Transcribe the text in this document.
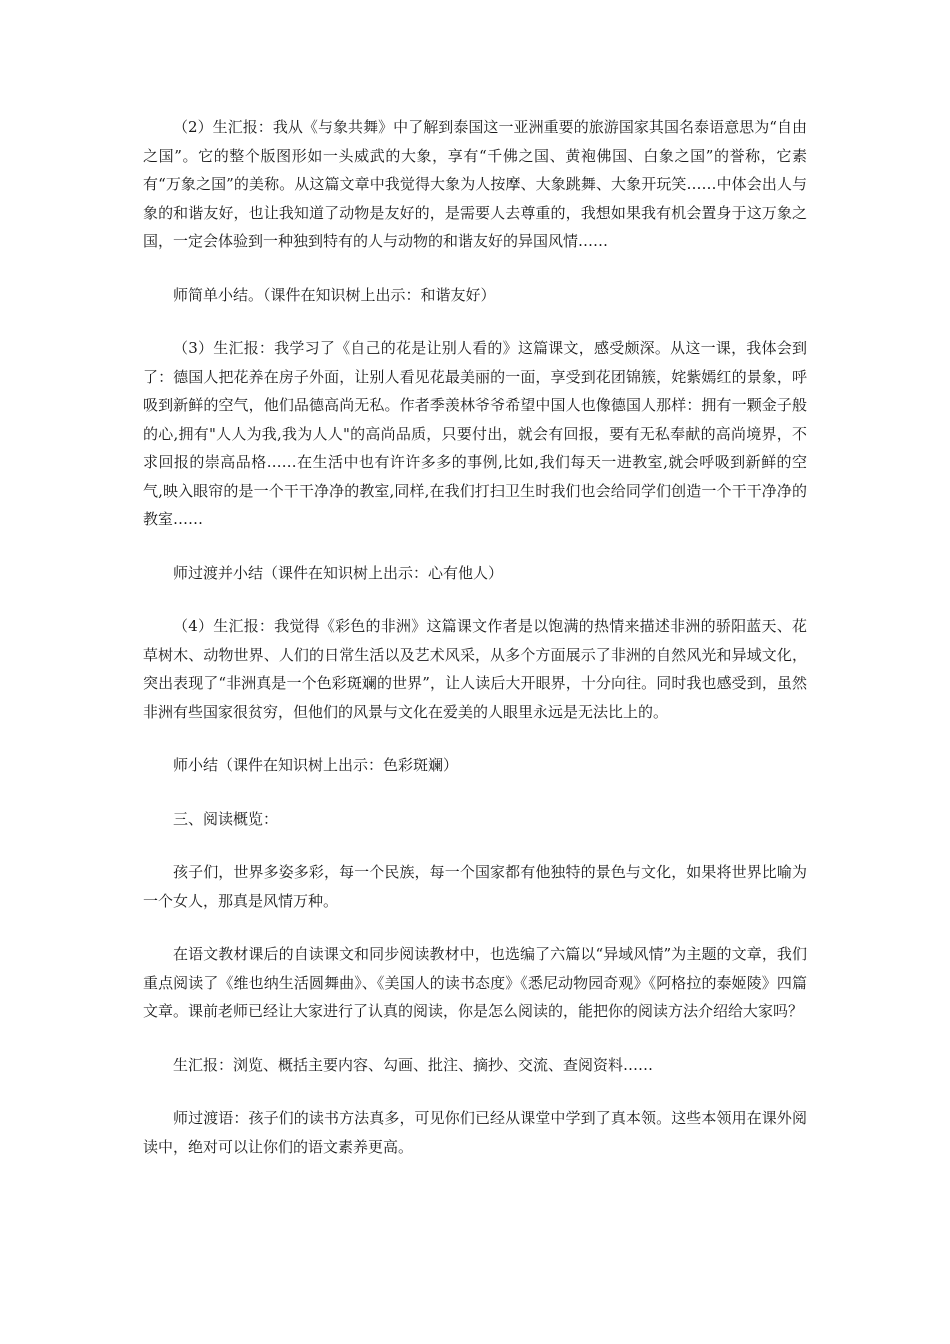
（2）生汇报：我从《与象共舞》中了解到泰国这一亚洲重要的旅游国家其国名泰语意思为“自由之国”。它的整个版图形如一头威武的大象，享有“千佛之国、黄袍佛国、白象之国”的誉称，它素有“万象之国”的美称。从这篇文章中我觉得大象为人按摩、大象跳舞、大象开玩笑……中体会出人与象的和谐友好，也让我知道了动物是友好的，是需要人去尊重的，我想如果我有机会置身于这万象之国，一定会体验到一种独到特有的人与动物的和谐友好的异国风情……

师简单小结。（课件在知识树上出示：和谐友好）

（3）生汇报：我学习了《自己的花是让别人看的》这篇课文，感受颇深。从这一课，我体会到了：德国人把花养在房子外面，让别人看见花最美丽的一面，享受到花团锦簇，姹紫嫣红的景象，呼吸到新鲜的空气，他们品德高尚无私。作者季羡林爷爷希望中国人也像德国人那样：拥有一颗金子般的心,拥有"人人为我,我为人人"的高尚品质，只要付出，就会有回报，要有无私奉献的高尚境界，不求回报的崇高品格……在生活中也有许许多多的事例,比如,我们每天一进教室,就会呼吸到新鲜的空气,映入眼帘的是一个干干净净的教室,同样,在我们打扫卫生时我们也会给同学们创造一个干干净净的教室……

师过渡并小结（课件在知识树上出示：心有他人）

（4）生汇报：我觉得《彩色的非洲》这篇课文作者是以饱满的热情来描述非洲的骄阳蓝天、花草树木、动物世界、人们的日常生活以及艺术风采，从多个方面展示了非洲的自然风光和异域文化，突出表现了“非洲真是一个色彩斑斓的世界”，让人读后大开眼界，十分向往。同时我也感受到，虽然非洲有些国家很贫穷，但他们的风景与文化在爱美的人眼里永远是无法比上的。

师小结（课件在知识树上出示：色彩斑斓）

三、阅读概览：

孩子们，世界多姿多彩，每一个民族，每一个国家都有他独特的景色与文化，如果将世界比喻为一个女人，那真是风情万种。

在语文教材课后的自读课文和同步阅读教材中，也选编了六篇以“异域风情”为主题的文章，我们重点阅读了《维也纳生活圆舞曲》、《美国人的读书态度》《悉尼动物园奇观》《阿格拉的泰姬陵》四篇文章。课前老师已经让大家进行了认真的阅读，你是怎么阅读的，能把你的阅读方法介绍给大家吗？

生汇报：浏览、概括主要内容、勾画、批注、摘抄、交流、查阅资料……

师过渡语：孩子们的读书方法真多，可见你们已经从课堂中学到了真本领。这些本领用在课外阅读中，绝对可以让你们的语文素养更高。
